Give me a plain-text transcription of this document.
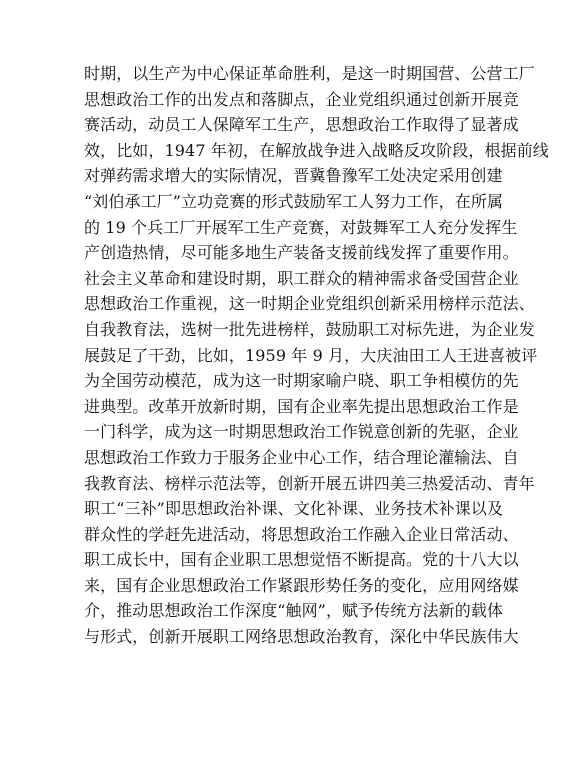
时期，以生产为中心保证革命胜利，是这一时期国营、公营工厂
思想政治工作的出发点和落脚点，企业党组织通过创新开展竞
赛活动，动员工人保障军工生产，思想政治工作取得了显著成
效，比如，1947 年初，在解放战争进入战略反攻阶段，根据前线
对弹药需求增大的实际情况，晋冀鲁豫军工处决定采用创建
“刘伯承工厂”立功竞赛的形式鼓励军工人努力工作，在所属
的 19 个兵工厂开展军工生产竞赛，对鼓舞军工人充分发挥生
产创造热情，尽可能多地生产装备支援前线发挥了重要作用。
社会主义革命和建设时期，职工群众的精神需求备受国营企业
思想政治工作重视，这一时期企业党组织创新采用榜样示范法、
自我教育法，选树一批先进榜样，鼓励职工对标先进，为企业发
展鼓足了干劲，比如，1959 年 9 月，大庆油田工人王进喜被评
为全国劳动模范，成为这一时期家喻户晓、职工争相模仿的先
进典型。改革开放新时期，国有企业率先提出思想政治工作是
一门科学，成为这一时期思想政治工作锐意创新的先驱，企业
思想政治工作致力于服务企业中心工作，结合理论灌输法、自
我教育法、榜样示范法等，创新开展五讲四美三热爱活动、青年
职工“三补”即思想政治补课、文化补课、业务技术补课以及
群众性的学赶先进活动，将思想政治工作融入企业日常活动、
职工成长中，国有企业职工思想觉悟不断提高。党的十八大以
来，国有企业思想政治工作紧跟形势任务的变化，应用网络媒
介，推动思想政治工作深度“触网”，赋予传统方法新的载体
与形式，创新开展职工网络思想政治教育，深化中华民族伟大
